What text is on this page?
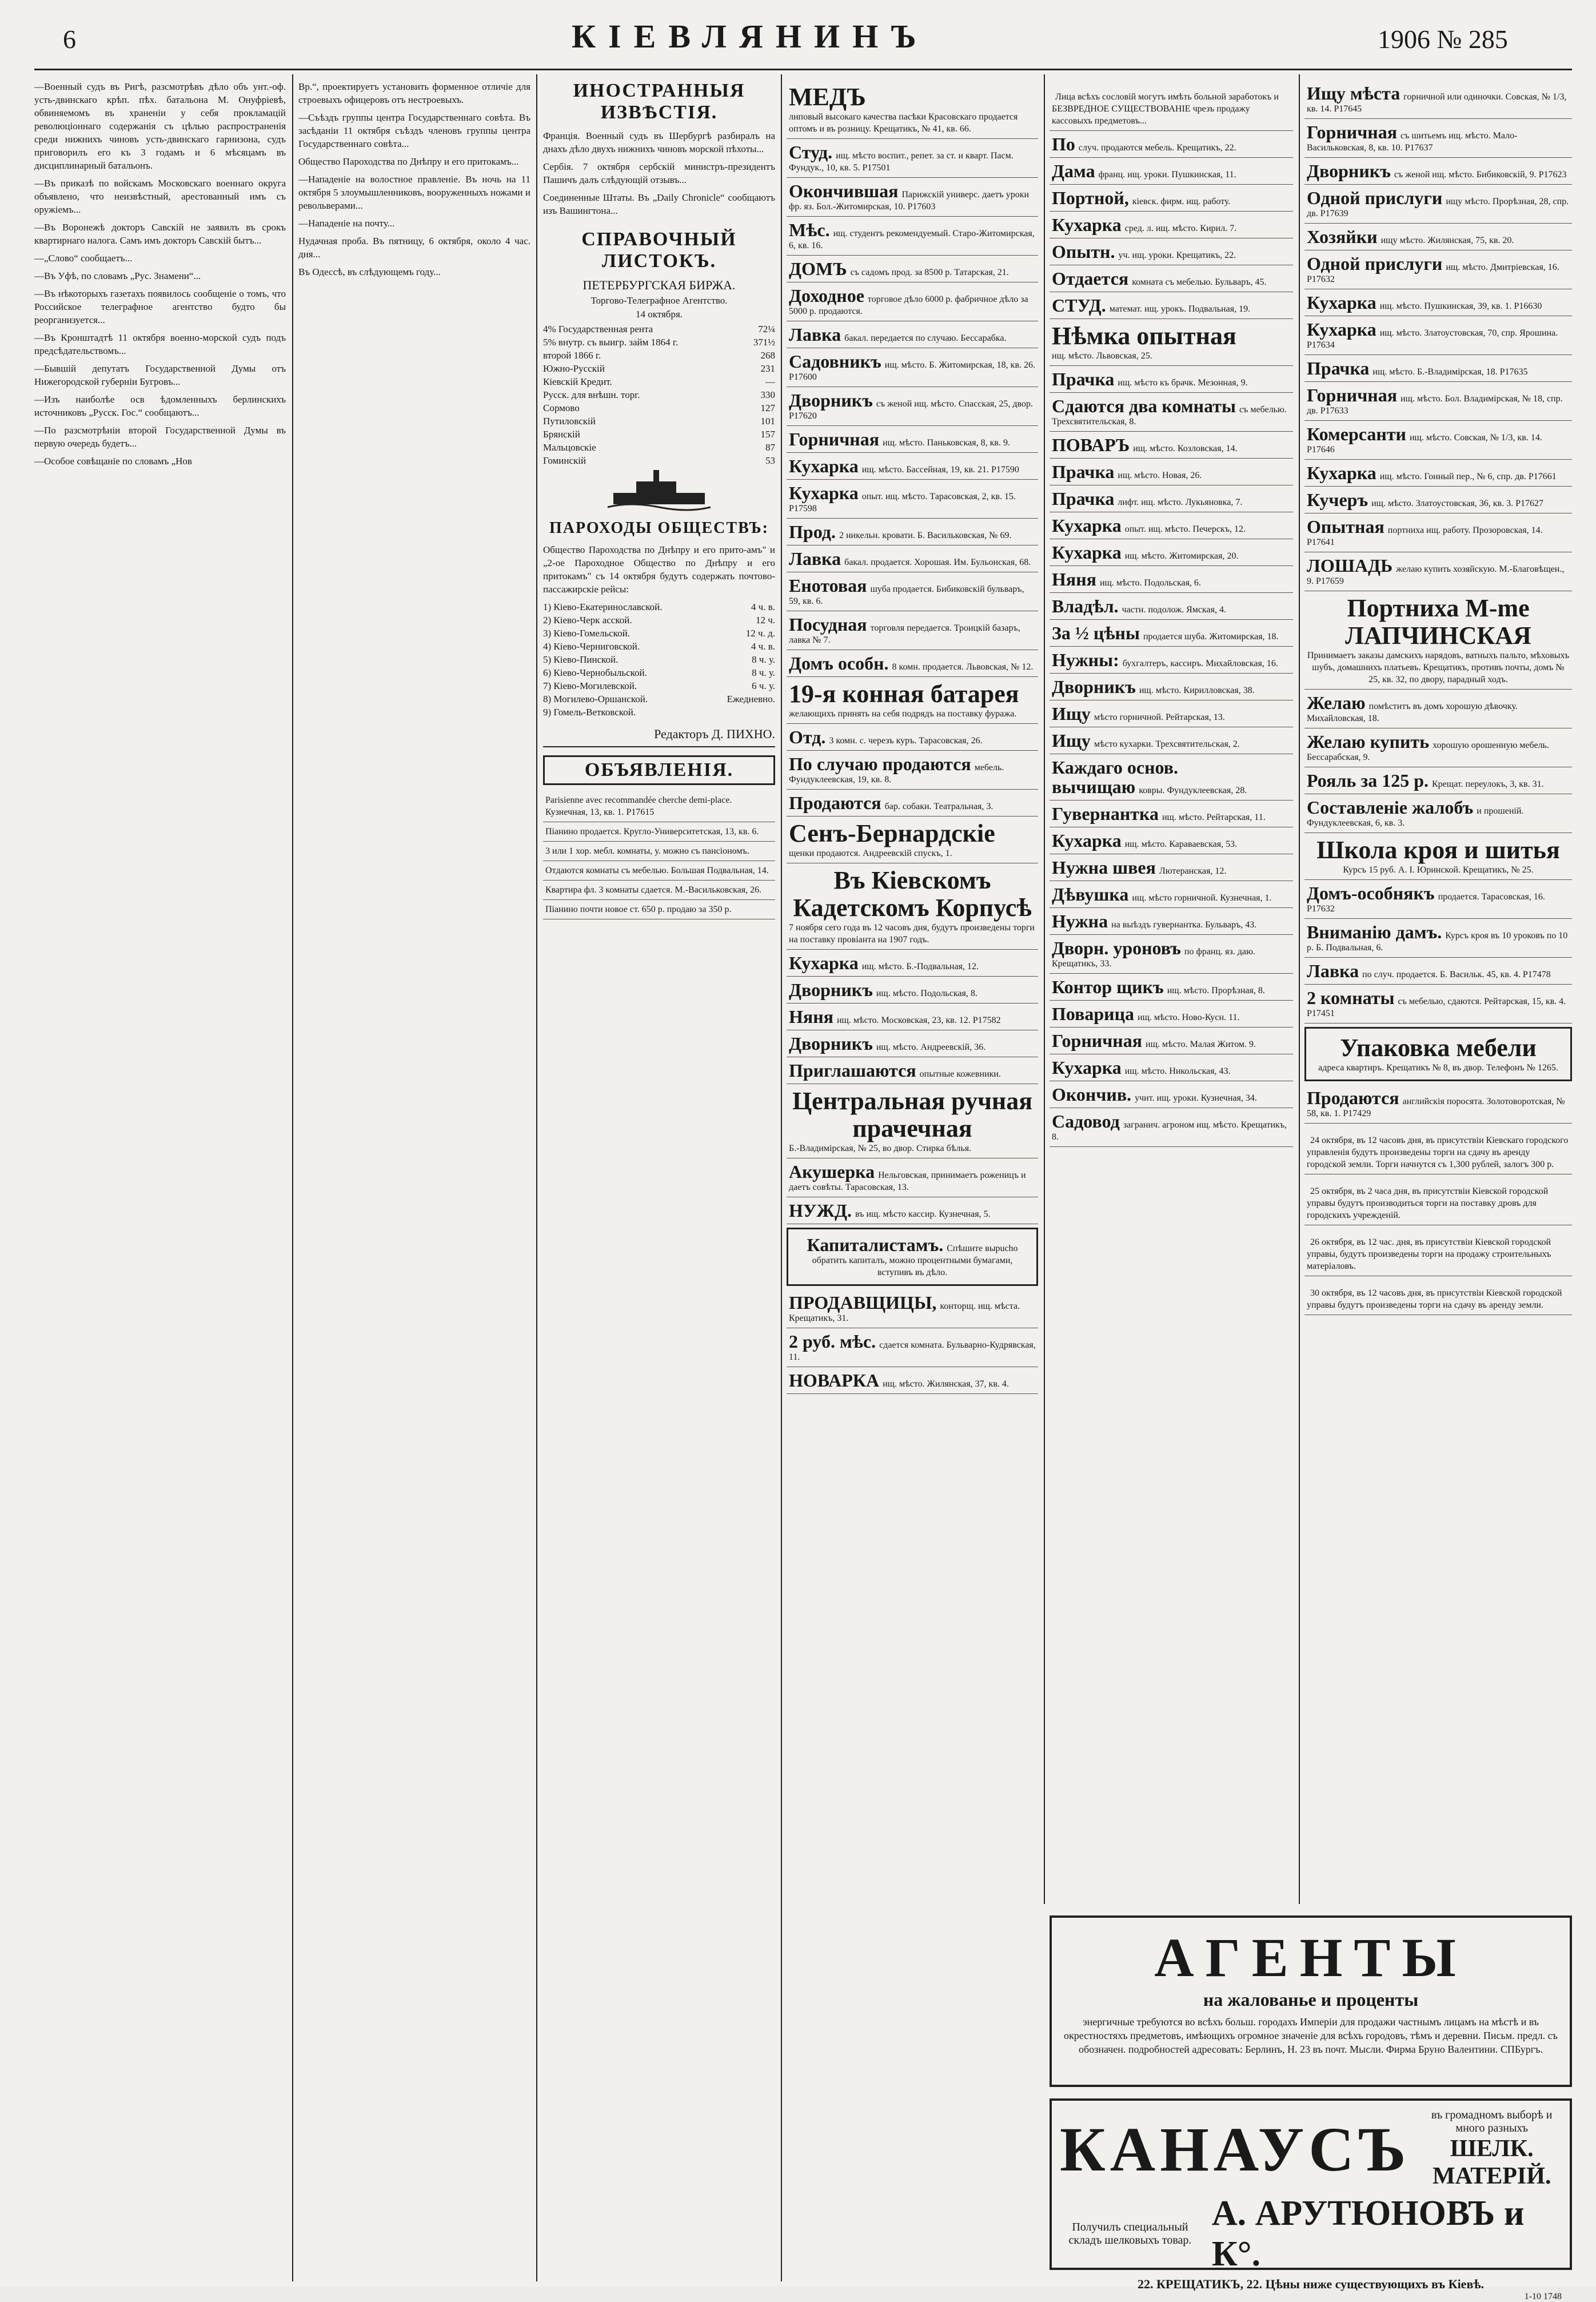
6	КІЕВЛЯНИНЪ	1906 № 285

—Военный судъ въ Ригѣ, разсмотрѣвъ дѣло объ унт.-оф. усть-двинскаго крѣп. пѣх. батальона М. Онуфріевѣ, обвиняемомъ въ храненіи у себя прокламацій революціоннаго содержанія съ цѣлью распространенія среди нижнихъ чиновъ усть-двинскаго гарнизона, судъ приговорилъ его къ 3 годамъ и 6 мѣсяцамъ въ дисциплинарный батальонъ.

—Въ приказѣ по войскамъ Московскаго военнаго округа объявлено, что неизвѣстный, арестованный имъ съ оружіемъ...

—Въ Воронежѣ докторъ Савскій не заявилъ въ срокъ квартирнаго налога. Самъ имъ докторъ Савскій бытъ...

—„Слово“ сообщаетъ...

—Въ Уфѣ, по словамъ „Рус. Знамени“...

—Въ нѣкоторыхъ газетахъ появилось сообщеніе о томъ, что Российское телеграфное агентство будто бы реорганизуется...

—Въ Кронштадтѣ 11 октября военно-морской судъ подъ предсѣдательствомъ...

—Бывшій депутатъ Государственной Думы отъ Нижегородской губерніи Бугровъ...

—Изъ наиболѣе осв ѣдомленныхъ берлинскихъ источниковъ „Русск. Гос.“ сообщаютъ...

—По разсмотрѣніи второй Государственной Думы въ первую очередь будетъ...

—Особое совѣщаніе по словамъ „Нов

Вр.“, проектируетъ установить форменное отличіе для строевыхъ офицеровъ отъ нестроевыхъ.

—Съѣздъ группы центра Государственнаго совѣта. Въ засѣданіи 11 октября съѣздъ членовъ группы центра Государственнаго совѣта...

Общество Пароходства по Днѣпру и его притокамъ...

—Нападеніе на волостное правленіе. Въ ночь на 11 октября 5 злоумышленниковъ, вооруженныхъ ножами и револьверами...

—Нападеніе на почту...

Нудачная проба. Въ пятницу, 6 октября, около 4 час. дня...

Въ Одессѣ, въ слѣдующемъ году...

ИНОСТРАННЫЯ ИЗВѢСТІЯ.

Франція. Военный судъ въ Шербургѣ разбиралъ на днахъ дѣло двухъ нижнихъ чиновъ морской пѣхоты...

Сербія. 7 октября сербскій министръ-президентъ Пашичъ далъ слѣдующій отзывъ...

Соединенные Штаты. Въ „Daily Chronicle“ сообщаютъ изъ Вашингтона...

СПРАВОЧНЫЙ ЛИСТОКЪ.
ПЕТЕРБУРГСКАЯ БИРЖА.
Торгово-Телеграфное Агентство.
14 октября.
4% Государственная рента	72¼
5% внутр. съ выигр. займ 1864 г.	371½
второй 1866 г.	268
Южно-Русскій	231
Кіевскій Кредит.	—
Русск. для внѣшн. торг.	330
Сормово	127
Путиловскій	101
Брянскій	157
Мальцовскіе	87
Гоминскій	53
ПАРОХОДЫ ОБЩЕСТВЪ:

Общество Пароходства по Днѣпру и его прито-амъ" и „2-ое Пароходное Общество по Днѣпру и его притокамъ" съ 14 октября будутъ содержать почтово-пассажирскіе рейсы:

1) Кіево-Екатеринославской.	4 ч. в.
2) Кіево-Черк асской.	12 ч.
3) Кіево-Гомельской.	12 ч. д.
4) Кіево-Черниговской.	4 ч. в.
5) Кіево-Пинской.	8 ч. у.
6) Кіево-Чернобыльской.	8 ч. у.
7) Кіево-Могилевской.	6 ч. у.
8) Могилево-Оршанской.	Ежедневно.
9) Гомель-Ветковской.
Редакторъ Д. ПИХНО.
ОБЪЯВЛЕНІЯ.
Parisienne avec recommandée cherche demi-place. Кузнечная, 13, кв. 1. Р17615
Піанино продается. Кругло-Университетская, 13, кв. 6.
3 или 1 хор. мебл. комнаты, у. можно съ пансіономъ.
Отдаются комнаты съ мебелью. Большая Подвальная, 14.
Квартира фл. 3 комнаты сдается. М.-Васильковская, 26.
Піанино почти новое ст. 650 р. продаю за 350 р.
МЕДЪ
липовый высокаго качества пасѣки Красовскаго продается оптомъ и въ розницу. Крещатикъ, № 41, кв. 66.
Студ. ищ. мѣсто воспит., репет. за ст. и кварт. Пасм. Фундук., 10, кв. 5. Р17501
Окончившая Парижскій универс. даетъ уроки фр. яз. Бол.-Житомирская, 10. Р17603
Мѣс. ищ. студентъ рекомендуемый. Старо-Житомирская, 6, кв. 16.
ДОМЪ съ садомъ прод. за 8500 р. Татарская, 21.
Доходное торговое дѣло 6000 р. фабричное дѣло за 5000 р. продаются.
Лавка бакал. передается по случаю. Бессарабка.
Садовникъ ищ. мѣсто. Б. Житомирская, 18, кв. 26. Р17600
Дворникъ съ женой ищ. мѣсто. Спасская, 25, двор. Р17620
Горничная ищ. мѣсто. Паньковская, 8, кв. 9.
Кухарка ищ. мѣсто. Бассейная, 19, кв. 21. Р17590
Кухарка опыт. ищ. мѣсто. Тарасовская, 2, кв. 15. Р17598
Прод. 2 никельн. кровати. Б. Васильковская, № 69.
Лавка бакал. продается. Хорошая. Им. Бульонская, 68.
Енотовая шуба продается. Бибиковскій бульваръ, 59, кв. 6.
Посудная торговля передается. Троицкій базаръ, лавка № 7.
Домъ особн. 8 комн. продается. Львовская, № 12.
19-я конная батарея
желающихъ принять на себя подрядъ на поставку фуража.
Отд. 3 комн. с. черезъ куръ. Тарасовская, 26.
По случаю продаются мебель. Фундуклеевская, 19, кв. 8.
Продаются бар. собаки. Театральная, 3.
Сенъ-Бернардскіе
щенки продаются. Андреевскій спускъ, 1.
Въ Кіевскомъ Кадетскомъ Корпусѣ
7 ноября сего года въ 12 часовъ дня, будутъ произведены торги на поставку провіанта на 1907 годъ.
Кухарка ищ. мѣсто. Б.-Подвальная, 12.
Дворникъ ищ. мѣсто. Подольская, 8.
Няня ищ. мѣсто. Московская, 23, кв. 12. Р17582
Дворникъ ищ. мѣсто. Андреевскій, 36.
Приглашаются опытные кожевники.
Центральная ручная прачечная
Б.-Владимірская, № 25, во двор. Стирка бѣлья.
Акушерка Нельговская, принимаетъ роженицъ и даетъ совѣты. Тарасовская, 13.
НУЖД. въ ищ. мѣсто кассир. Кузнечная, 5.
Капиталистамъ. Спѣшите вырucho обратить капиталъ, можно процентными бумагами, вступивъ въ дѣло.
ПРОДАВЩИЦЫ, конторщ. ищ. мѣста. Крещатикъ, 31.
2 руб. мѣс. сдается комната. Бульварно-Кудрявская, 11.
НОВАРКА ищ. мѣсто. Жилянская, 37, кв. 4.
Лица всѣхъ сословій могутъ имѣть больной заработокъ и БЕЗВРЕДНОЕ СУЩЕСТВОВАНІЕ чрезъ продажу кассовыхъ предметовъ...
По случ. продаются мебель. Крещатикъ, 22.
Дама франц. ищ. уроки. Пушкинская, 11.
Портной, кіевск. фирм. ищ. работу.
Кухарка сред. л. ищ. мѣсто. Кирил. 7.
Опытн. уч. ищ. уроки. Крещатикъ, 22.
Отдается комната съ мебелью. Бульваръ, 45.
СТУД. математ. ищ. урокъ. Подвальная, 19.
Нѣмка опытная
ищ. мѣсто. Львовская, 25.
Прачка ищ. мѣсто къ брачк. Мезонная, 9.
Сдаются два комнаты съ мебелью. Трехсвятительская, 8.
ПОВАРЪ ищ. мѣсто. Козловская, 14.
Прачка ищ. мѣсто. Новая, 26.
Прачка лифт. ищ. мѣсто. Лукьяновка, 7.
Кухарка опыт. ищ. мѣсто. Печерскъ, 12.
Кухарка ищ. мѣсто. Житомирская, 20.
Няня ищ. мѣсто. Подольская, 6.
Владѣл. частн. подолож. Ямская, 4.
За ½ цѣны продается шуба. Житомирская, 18.
Нужны: бухгалтеръ, кассиръ. Михайловская, 16.
Дворникъ ищ. мѣсто. Кирилловская, 38.
Ищу мѣсто горничной. Рейтарская, 13.
Ищу мѣсто кухарки. Трехсвятительская, 2.
Каждаго основ. вычищаю ковры. Фундуклеевская, 28.
Гувернантка ищ. мѣсто. Рейтарская, 11.
Кухарка ищ. мѣсто. Караваевская, 53.
Нужна швея Лютеранская, 12.
Дѣвушка ищ. мѣсто горничной. Кузнечная, 1.
Нужна на выѣздъ гувернантка. Бульваръ, 43.
Дворн. уроновъ по франц. яз. даю. Крещатикъ, 33.
Контор щикъ ищ. мѣсто. Прорѣзная, 8.
Поварица ищ. мѣсто. Ново-Кусн. 11.
Горничная ищ. мѣсто. Малая Житом. 9.
Кухарка ищ. мѣсто. Никольская, 43.
Окончив. учит. ищ. уроки. Кузнечная, 34.
Садовод загранич. агроном ищ. мѣсто. Крещатикъ, 8.
Ищу мѣста горничной или одиночки. Совская, № 1/3, кв. 14. Р17645
Горничная съ шитьемъ ищ. мѣсто. Мало-Васильковская, 8, кв. 10. Р17637
Дворникъ съ женой ищ. мѣсто. Бибиковскій, 9. Р17623
Одной прислуги ищу мѣсто. Прорѣзная, 28, спр. дв. Р17639
Хозяйки ищу мѣсто. Жилянская, 75, кв. 20.
Одной прислуги ищ. мѣсто. Дмитріевская, 16. Р17632
Кухарка ищ. мѣсто. Пушкинская, 39, кв. 1. Р16630
Кухарка ищ. мѣсто. Златоустовская, 70, спр. Ярошина. Р17634
Прачка ищ. мѣсто. Б.-Владимірская, 18. Р17635
Горничная ищ. мѣсто. Бол. Владимірская, № 18, спр. дв. Р17633
Комерсанти ищ. мѣсто. Совская, № 1/3, кв. 14. Р17646
Кухарка ищ. мѣсто. Гонный пер., № 6, спр. дв. Р17661
Кучеръ ищ. мѣсто. Златоустовская, 36, кв. 3. Р17627
Опытная портниха ищ. работу. Прозоровская, 14. Р17641
ЛОШАДЬ желаю купить хозяйскую. М.-Благовѣщен., 9. Р17659
Портниха М-me ЛАПЧИНСКАЯ
Принимаетъ заказы дамскихъ нарядовъ, ватныхъ пальто, мѣховыхъ шубъ, домашнихъ платьевъ. Крещатикъ, противъ почты, домъ № 25, кв. 32, по двору, парадный ходъ.
Желаю помѣститъ въ домъ хорошую дѣвочку. Михайловская, 18.
Желаю купить хорошую орошенную мебель. Бессарабская, 9.
Рояль за 125 р. Крещат. переулокъ, 3, кв. 31.
Составленіе жалобъ и прошеній. Фундуклеевская, 6, кв. 3.
Школа кроя и шитья
Курсъ 15 руб. А. І. Юринской. Крещатикъ, № 25.
Домъ-особнякъ продается. Тарасовская, 16. Р17632
Вниманію дамъ. Курсъ кроя въ 10 уроковъ по 10 р. Б. Подвальная, 6.
Лавка по случ. продается. Б. Васильк. 45, кв. 4. Р17478
2 комнаты съ мебелью, сдаются. Рейтарская, 15, кв. 4. Р17451
Упаковка мебели
адреса квартиръ. Крещатикъ № 8, въ двор. Телефонъ № 1265.
Продаются английскія поросята. Золотоворотская, № 58, кв. 1. Р17429
24 октября, въ 12 часовъ дня, въ присутствіи Кіевскаго городского управленія будутъ произведены торги на сдачу въ аренду городской земли. Торги начнутся съ 1,300 рублей, залогъ 300 р.
25 октября, въ 2 часа дня, въ присутствіи Кіевской городской управы будутъ производиться торги на поставку дровъ для городскихъ учрежденій.
26 октября, въ 12 час. дня, въ присутствіи Кіевской городской управы, будутъ произведены торги на продажу строительныхъ матеріаловъ.
30 октября, въ 12 часовъ дня, въ присутствіи Кіевской городской управы будутъ произведены торги на сдачу въ аренду земли.
АГЕНТЫ
на жалованье и проценты
энергичные требуются во всѣхъ больш. городахъ Имперіи для продажи частнымъ лицамъ на мѣстѣ и въ окрестностяхъ предметовъ, имѣющихъ огромное значеніе для всѣхъ городовъ, тѣмъ и деревни. Письм. предл. съ обозначен. подробностей адресовать: Берлинъ, Н. 23 въ почт. Мысли. Фирма Бруно Валентини. СПБургъ.
КАНАУСЪ	въ громадномъ выборѣ и много разныхъ
ШЕЛК. МАТЕРІЙ.
Получилъ специальный складъ шелковыхъ товар.
А. АРУТЮНОВЪ и К°.
22. КРЕЩАТИКЪ, 22. Цѣны ниже существующихъ въ Кіевѣ.
1-10 1748
